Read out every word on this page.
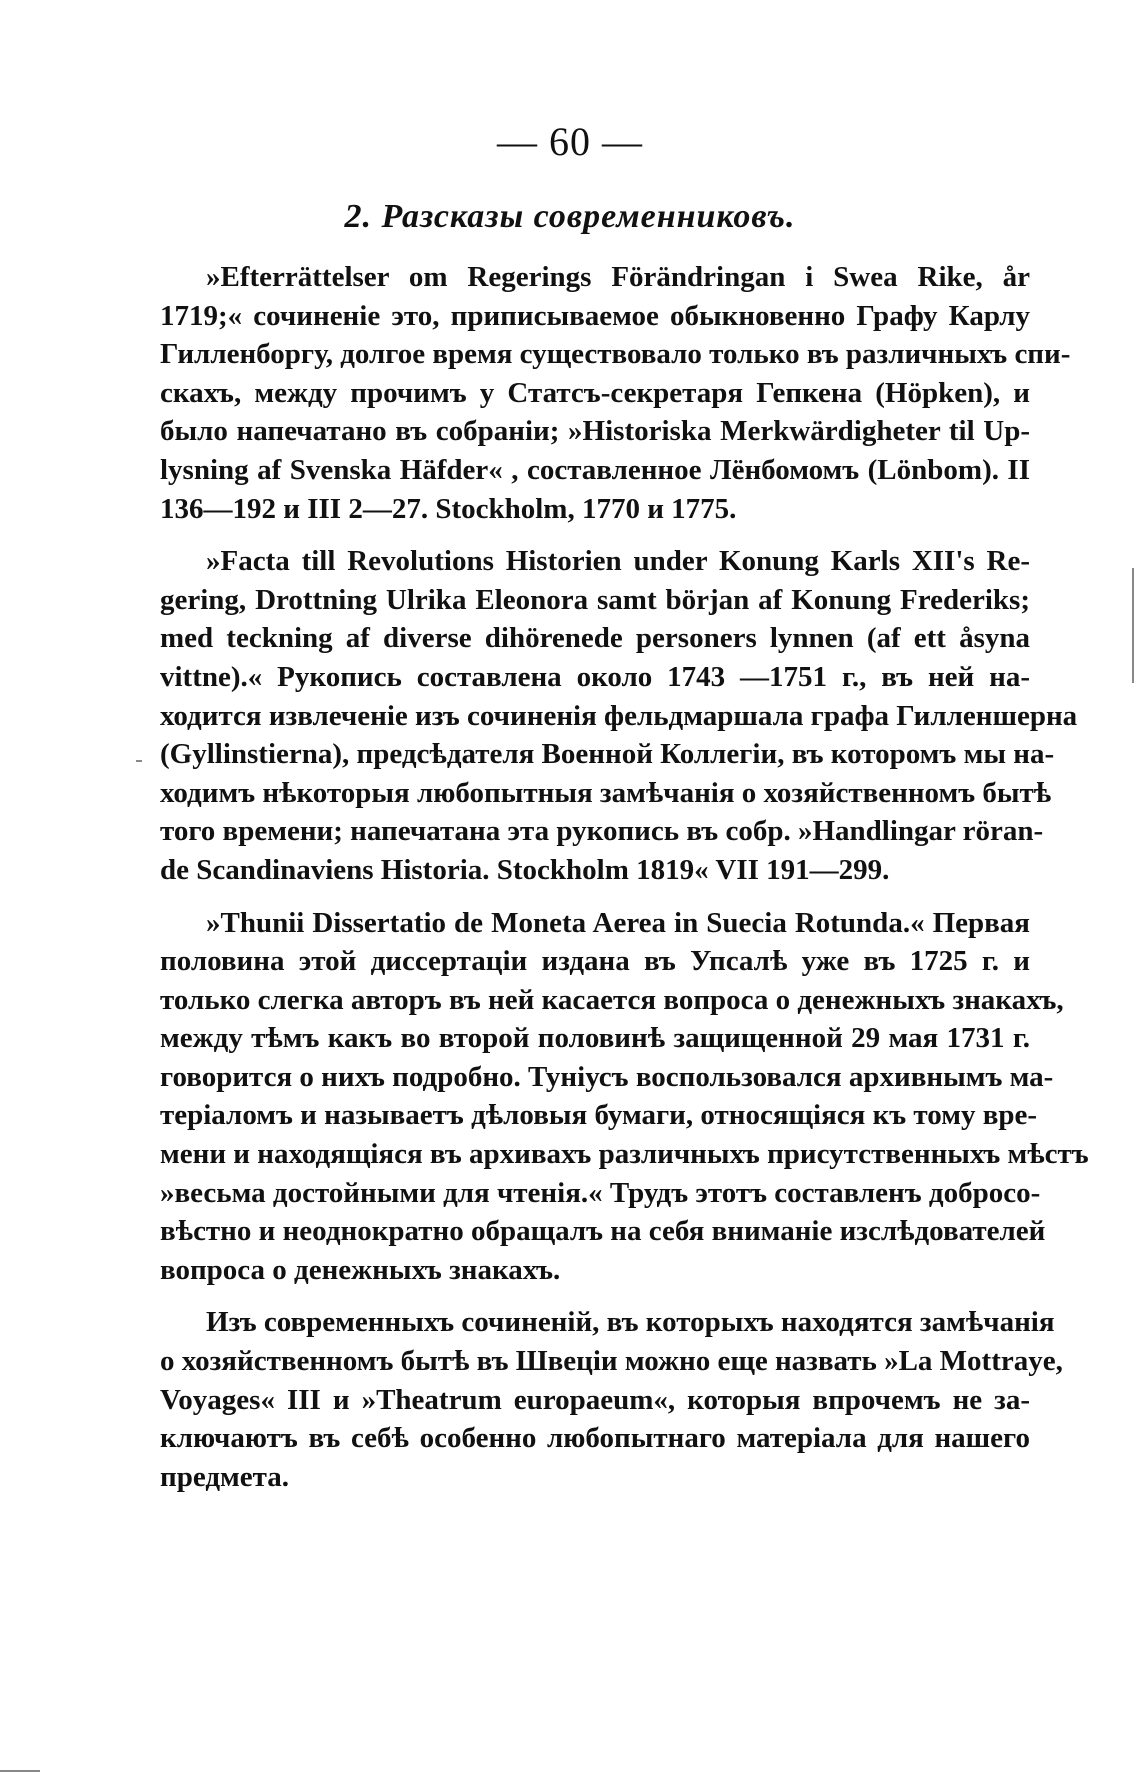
— 60 —
2. Разсказы современниковъ.
»Efterrättelser om Regerings Förändringan i Swea Rike, år
1719;« сочиненіе это, приписываемое обыкновенно Графу Карлу
Гилленборгу, долгое время существовало только въ различныхъ спи-
скахъ, между прочимъ у Статсъ-секретаря Гепкена (Höpken), и
было напечатано въ собраніи; »Historiska Merkwärdigheter til Up-
lysning af Svenska Häfder« , составленное Лёнбомомъ (Lönbom). II
136—192 и III 2—27. Stockholm, 1770 и 1775.
»Facta till Revolutions Historien under Konung Karls XII's Re-
gering, Drottning Ulrika Eleonora samt början af Konung Frederiks;
med teckning af diverse dihörenede personers lynnen (af ett åsyna
vittne).« Рукопись составлена около 1743 —1751 г., въ ней на-
ходится извлеченіе изъ сочиненія фельдмаршала графа Гилленшерна
(Gyllinstierna), предсѣдателя Военной Коллегіи, въ которомъ мы на-
ходимъ нѣкоторыя любопытныя замѣчанія о хозяйственномъ бытѣ
того времени; напечатана эта рукопись въ собр. »Handlingar röran-
de Scandinaviens Historia. Stockholm 1819« VII 191—299.
»Thunii Dissertatio de Moneta Aerea in Suecia Rotunda.« Первая
половина этой диссертаціи издана въ Упсалѣ уже въ 1725 г. и
только слегка авторъ въ ней касается вопроса о денежныхъ знакахъ,
между тѣмъ какъ во второй половинѣ защищенной 29 мая 1731 г.
говорится о нихъ подробно. Туніусъ воспользовался архивнымъ ма-
теріаломъ и называетъ дѣловыя бумаги, относящіяся къ тому вре-
мени и находящіяся въ архивахъ различныхъ присутственныхъ мѣстъ
»весьма достойными для чтенія.« Трудъ этотъ составленъ добросо-
вѣстно и неоднократно обращалъ на себя вниманіе изслѣдователей
вопроса о денежныхъ знакахъ.
Изъ современныхъ сочиненій, въ которыхъ находятся замѣчанія
о хозяйственномъ бытѣ въ Швеціи можно еще назвать »La Mottraye,
Voyages« III и »Theatrum europaeum«, которыя впрочемъ не за-
ключаютъ въ себѣ особенно любопытнаго матеріала для нашего
предмета.
